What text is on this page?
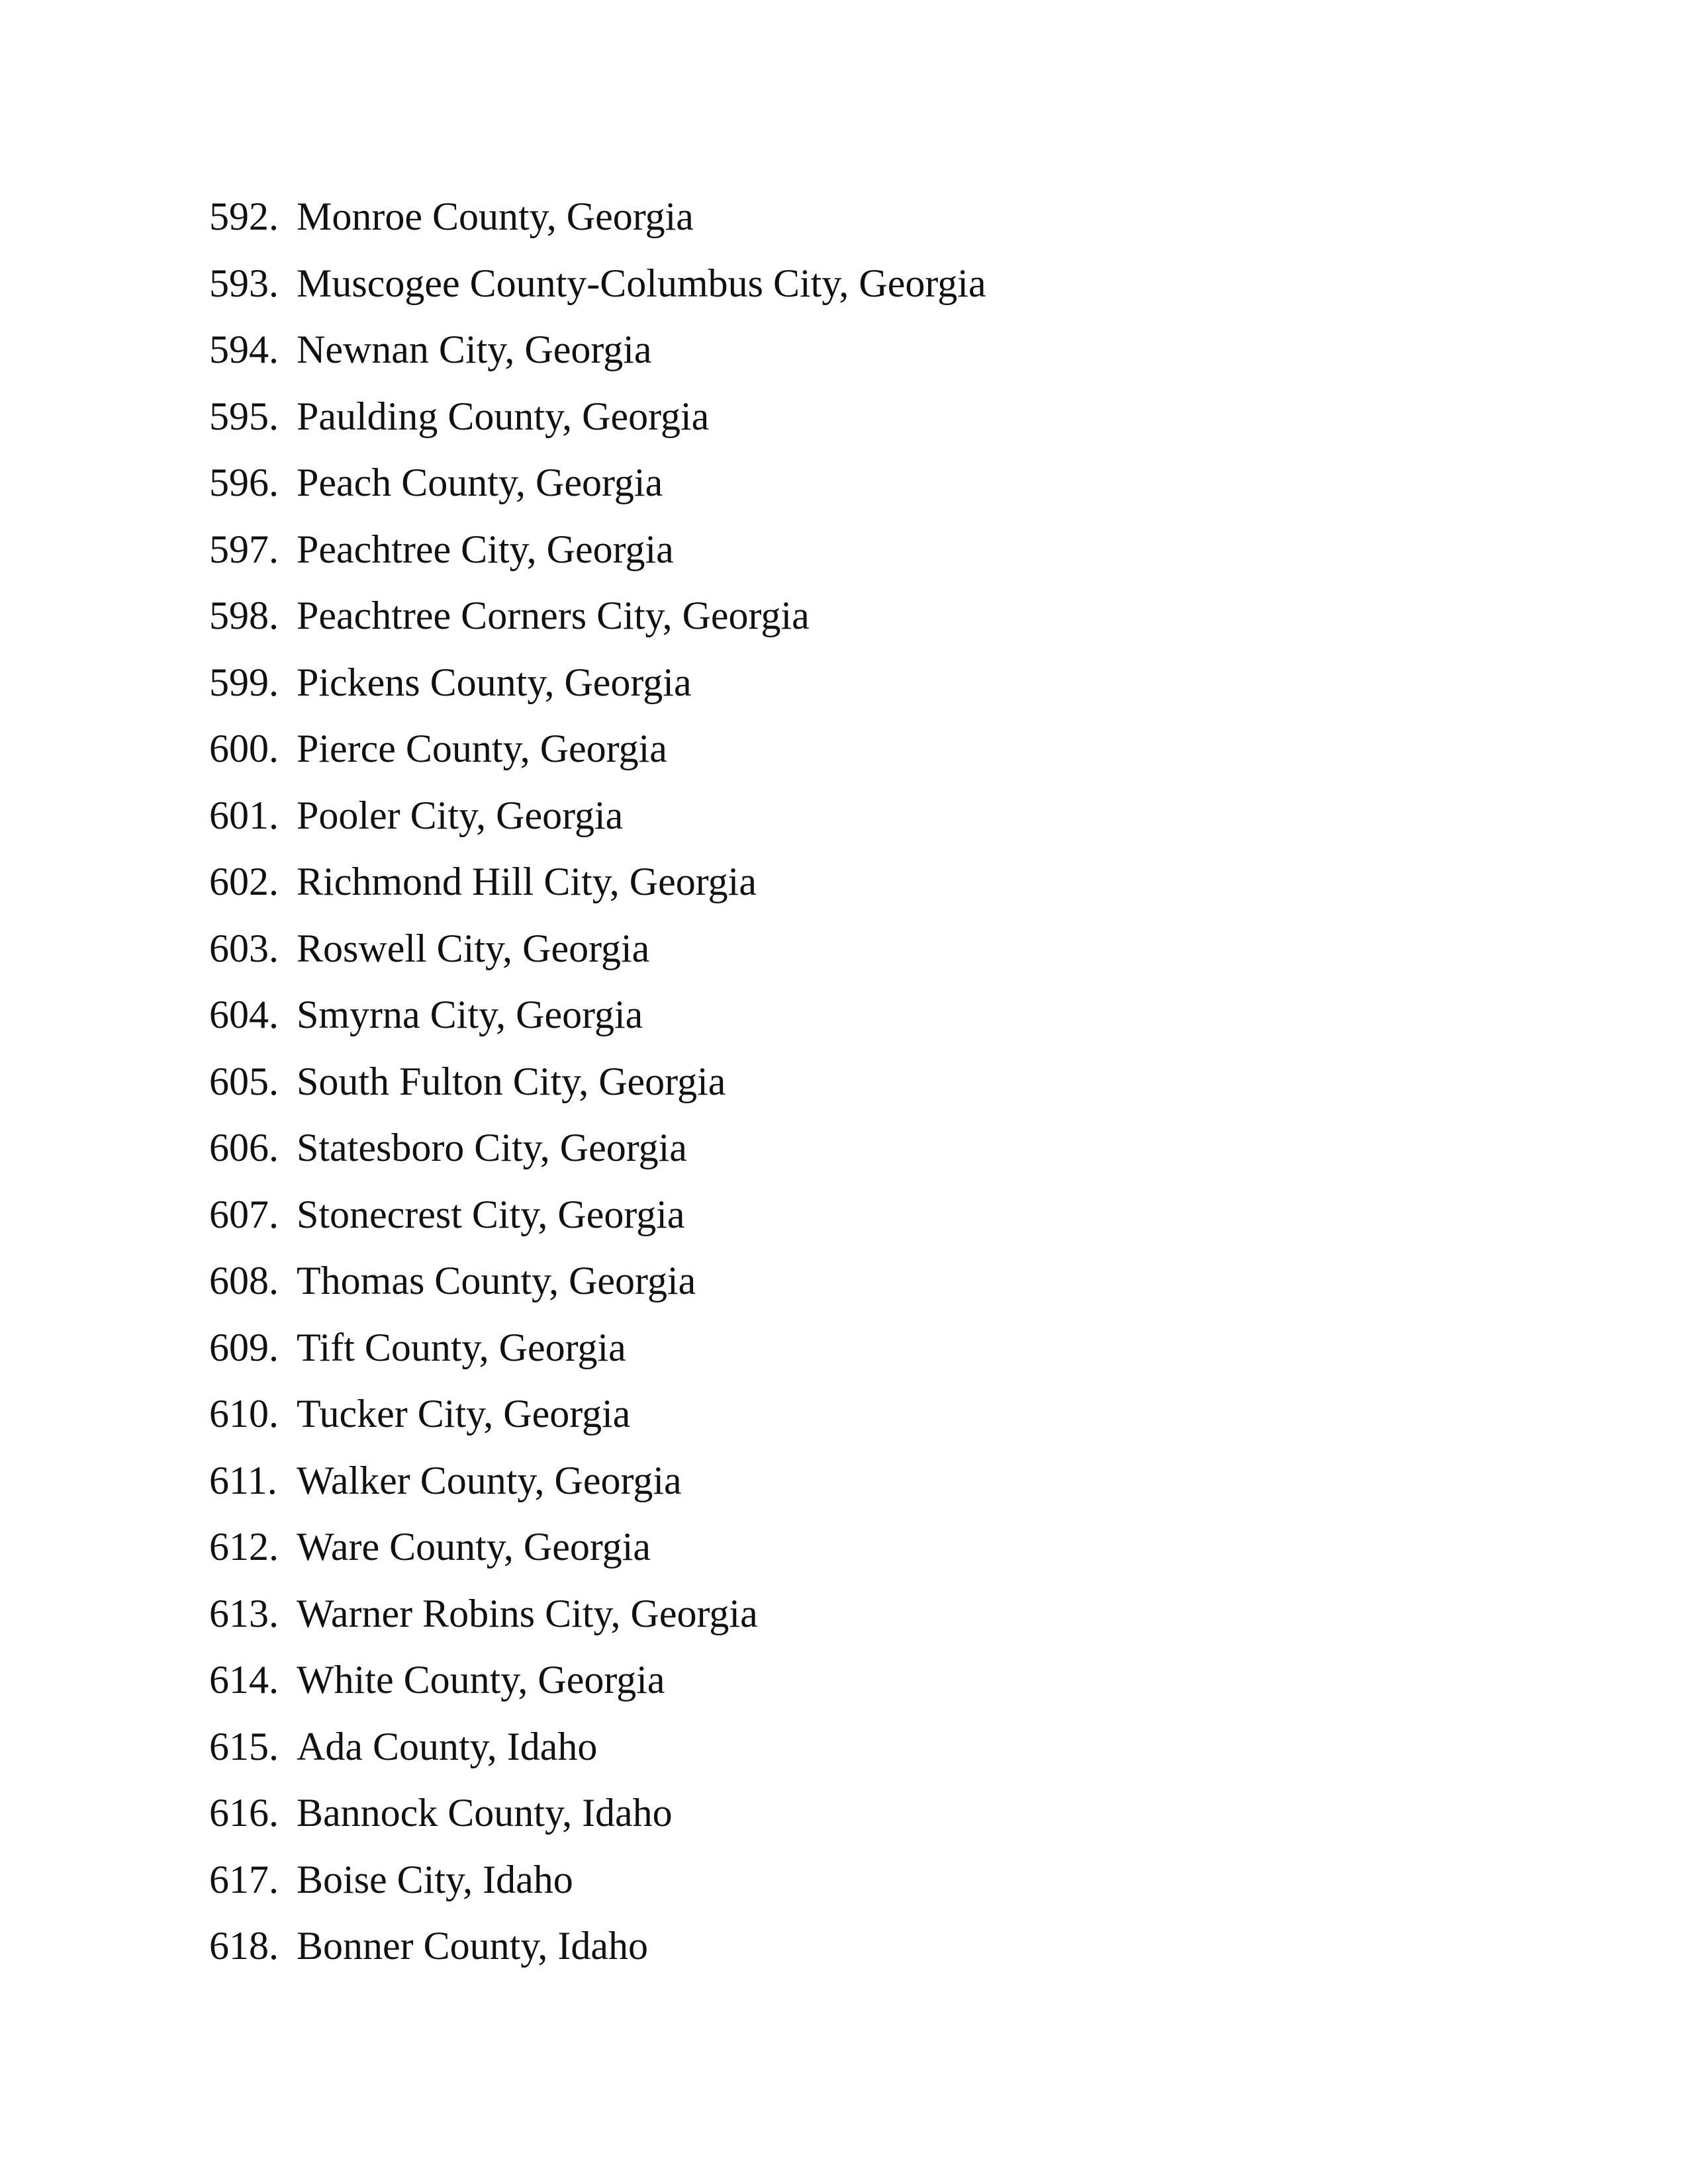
592. Monroe County, Georgia
593. Muscogee County-Columbus City, Georgia
594. Newnan City, Georgia
595. Paulding County, Georgia
596. Peach County, Georgia
597. Peachtree City, Georgia
598. Peachtree Corners City, Georgia
599. Pickens County, Georgia
600. Pierce County, Georgia
601. Pooler City, Georgia
602. Richmond Hill City, Georgia
603. Roswell City, Georgia
604. Smyrna City, Georgia
605. South Fulton City, Georgia
606. Statesboro City, Georgia
607. Stonecrest City, Georgia
608. Thomas County, Georgia
609. Tift County, Georgia
610. Tucker City, Georgia
611. Walker County, Georgia
612. Ware County, Georgia
613. Warner Robins City, Georgia
614. White County, Georgia
615. Ada County, Idaho
616. Bannock County, Idaho
617. Boise City, Idaho
618. Bonner County, Idaho
